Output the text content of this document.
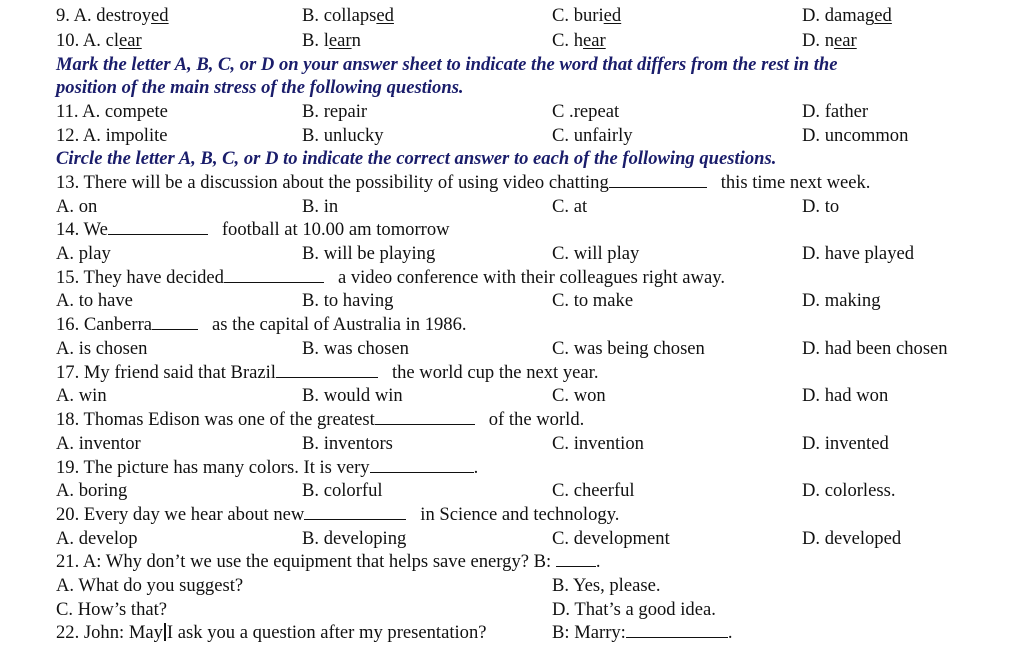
9. A. destroyed	B. collapsed	C. buried	D. damaged
10. A. clear	B. learn	C. hear	D. near
Mark the letter A, B, C, or D on your answer sheet to indicate the word that differs from the rest in the
position of the main stress of the following questions.
11. A. compete	B. repair	C .repeat	D. father
12. A. impolite	B. unlucky	C. unfairly	D. uncommon
Circle the letter A, B, C, or D to indicate the correct answer to each of the following questions.
13. There will be a discussion about the possibility of using video chatting	this time next week.
A. on	B. in	C. at	D. to
14. We	football at 10.00 am tomorrow
A. play	B. will be playing	C. will play	D. have played
15. They have decided	a video conference with their colleagues right away.
A. to have	B. to having	C. to make	D. making
16. Canberra	as the capital of Australia in 1986.
A. is chosen	B. was chosen	C. was being chosen	D. had been chosen
17. My friend said that Brazil	the world cup the next year.
A. win	B. would win	C. won	D. had won
18. Thomas Edison was one of the greatest	of the world.
A. inventor	B. inventors	C. invention	D. invented
19. The picture has many colors. It is very	.
A. boring	B. colorful	C. cheerful	D. colorless.
20. Every day we hear about new	in Science and technology.
A. develop	B. developing	C. development	D. developed
21. A: Why don’t we use the equipment that helps save energy? B: .
A. What do you suggest?	B. Yes, please.
C. How’s that?	D. That’s a good idea.
22. John: May I ask you a question after my presentation?	B: Marry:	.
